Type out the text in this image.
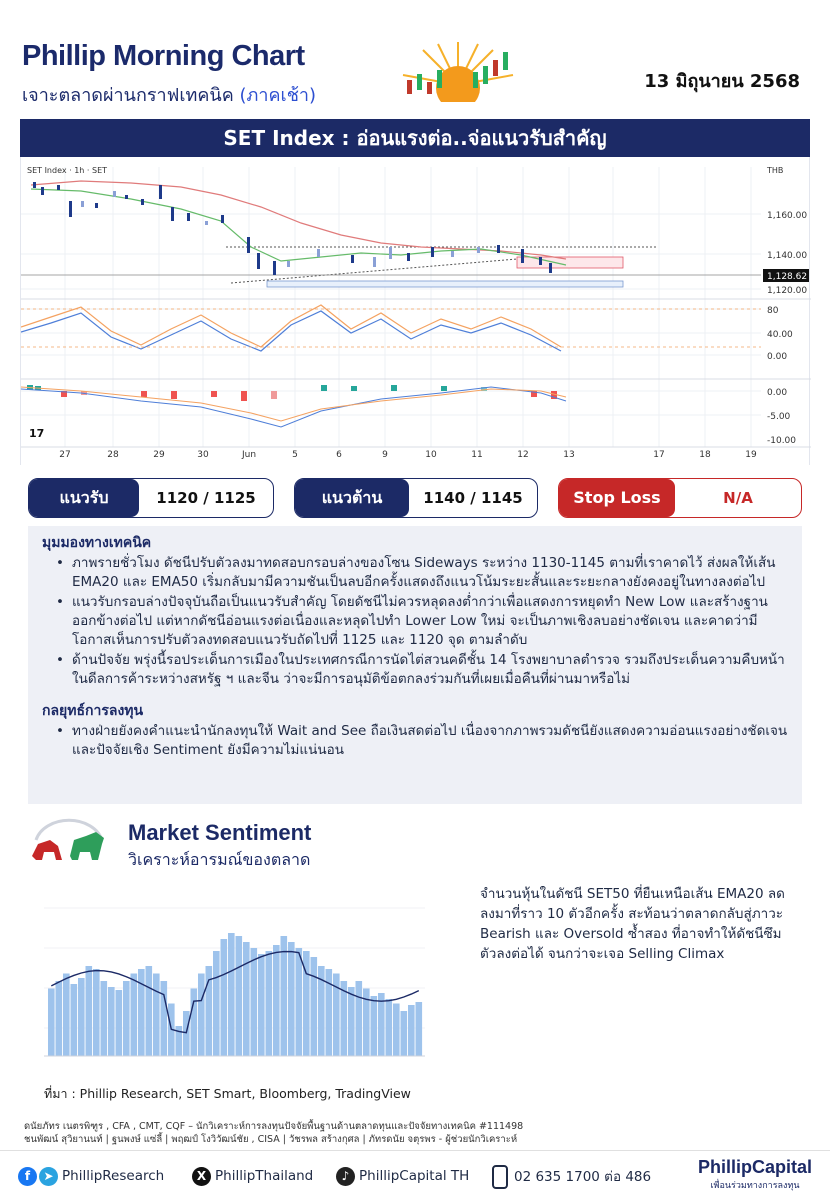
Phillip Morning Chart
เจาะตลาดผ่านกราฟเทคนิค (ภาคเช้า)
13 มิถุนายน 2568
SET Index : อ่อนแรงต่อ..จ่อแนวรับสำคัญ
THB
1,160.00
1,140.00
1,128.62
1,120.00
80
40.00
0.00
0.00
-5.00
-10.00
SET Index · 1h · SET
17
27	28	29	30	Jun	5	6	9	10	11	12	13	17	18	19
แนวรับ	1120 / 1125	แนวต้าน	1140 / 1145	Stop Loss	N/A
มุมมองทางเทคนิค
• ภาพรายชั่วโมง ดัชนีปรับตัวลงมาทดสอบกรอบล่างของโซน Sideways ระหว่าง 1130-1145 ตามที่เราคาดไว้ ส่งผลให้เส้น EMA20 และ EMA50 เริ่มกลับมามีความชันเป็นลบอีกครั้งแสดงถึงแนวโน้มระยะสั้นและระยะกลางยังคงอยู่ในทางลงต่อไป
• แนวรับกรอบล่างปัจจุบันถือเป็นแนวรับสำคัญ โดยดัชนีไม่ควรหลุดลงต่ำกว่าเพื่อแสดงการหยุดทำ New Low และสร้างฐานออกข้างต่อไป แต่หากดัชนีอ่อนแรงต่อเนื่องและหลุดไปทำ Lower Low ใหม่ จะเป็นภาพเชิงลบอย่างชัดเจน และคาดว่ามีโอกาสเห็นการปรับตัวลงทดสอบแนวรับถัดไปที่ 1125 และ 1120 จุด ตามลำดับ
• ด้านปัจจัย พรุ่งนี้รอประเด็นการเมืองในประเทศกรณีการนัดไต่สวนคดีชั้น 14 โรงพยาบาลตำรวจ รวมถึงประเด็นความคืบหน้าในดีลการค้าระหว่างสหรัฐ ฯ และจีน ว่าจะมีการอนุมัติข้อตกลงร่วมกันที่เผยเมื่อคืนที่ผ่านมาหรือไม่
กลยุทธ์การลงทุน
• ทางฝ่ายยังคงคำแนะนำนักลงทุนให้ Wait and See ถือเงินสดต่อไป เนื่องจากภาพรวมดัชนียังแสดงความอ่อนแรงอย่างชัดเจนและปัจจัยเชิง Sentiment ยังมีความไม่แน่นอน
Market Sentiment
วิเคราะห์อารมณ์ของตลาด
ที่มา : Phillip Research, SET Smart, Bloomberg, TradingView
จำนวนหุ้นในดัชนี SET50 ที่ยืนเหนือเส้น EMA20 ลดลงมาที่ราว 10 ตัวอีกครั้ง สะท้อนว่าตลาดกลับสู่ภาวะ Bearish และ Oversold ซ้ำสอง ที่อาจทำให้ดัชนีซึมตัวลงต่อได้ จนกว่าจะเจอ Selling Climax
ดนัยภัทร เนตรพิฑูร , CFA , CMT, CQF – นักวิเคราะห์การลงทุนปัจจัยพื้นฐานด้านตลาดทุนและปัจจัยทางเทคนิค #111498
ชนพัฒน์ สุวิยานนท์ | ฐนพงษ์ แซ่ลี้ | พฤฒป์ โงวิวัฒน์ชัย , CISA | วัชรพล สร้างกุศล | ภัทรดนัย จตุรพร - ผู้ช่วยนักวิเคราะห์
f ➤ PhillipResearch	X PhillipThailand	♪ PhillipCapital TH	02 635 1700 ต่อ 486	PhillipCapital
เพื่อนร่วมทางการลงทุน
